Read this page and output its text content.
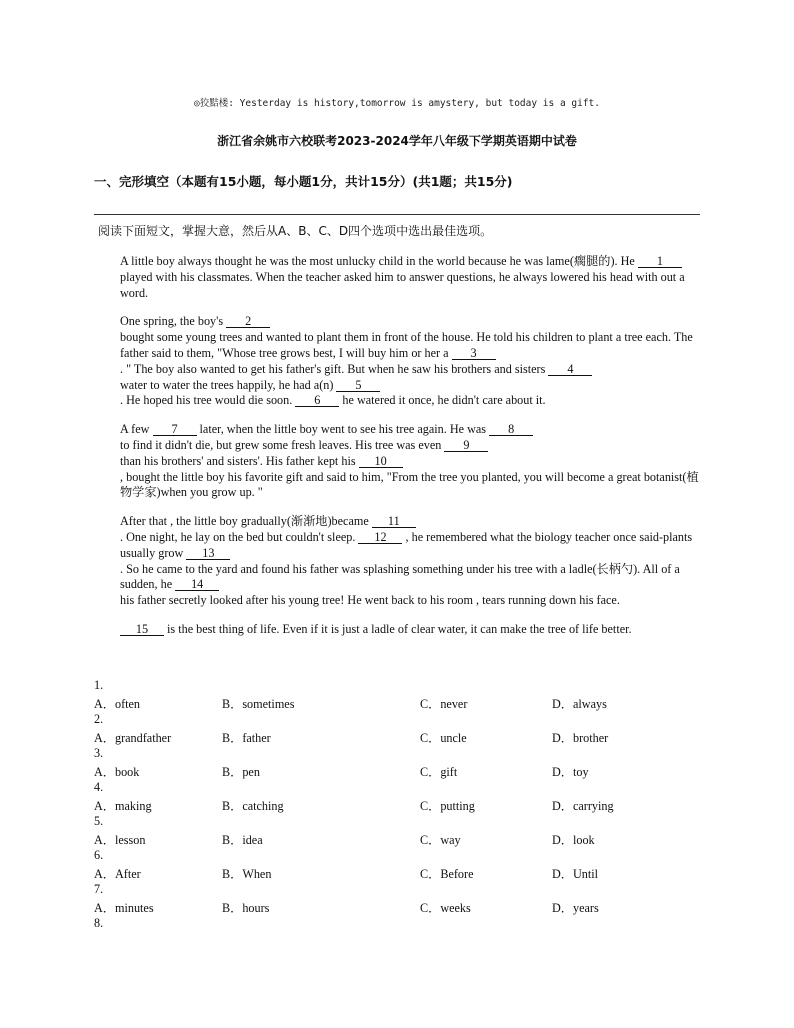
◎狡黠楼: Yesterday is history,tomorrow is amystery, but today is a gift.
浙江省余姚市六校联考2023-2024学年八年级下学期英语期中试卷
一、完形填空（本题有15小题，每小题1分，共计15分）(共1题；共15分)
阅读下面短文，掌握大意，然后从A、B、C、D四个选项中选出最佳选项。

A little boy always thought he was the most unlucky child in the world because he was lame(瘸腿的). He 1
played with his classmates. When the teacher asked him to answer questions, he always lowered his head with out a word.

One spring, the boy's 2
bought some young trees and wanted to plant them in front of the house. He told his children to plant a tree each. The father said to them, "Whose tree grows best, I will buy him or her a 3
. " The boy also wanted to get his father's gift. But when he saw his brothers and sisters 4
water to water the trees happily, he had a(n) 5
. He hoped his tree would die soon. 6 he watered it once, he didn't care about it.

A few 7 later, when the little boy went to see his tree again. He was 8
to find it didn't die, but grew some fresh leaves. His tree was even 9
than his brothers' and sisters'. His father kept his 10
, bought the little boy his favorite gift and said to him, "From the tree you planted, you will become a great botanist(植物学家)when you grow up. "

After that , the little boy gradually(渐渐地)became 11
. One night, he lay on the bed but couldn't sleep. 12 , he remembered what the biology teacher once said-plants usually grow 13
. So he came to the yard and found his father was splashing something under his tree with a ladle(长柄勺). All of a sudden, he 14
his father secretly looked after his young tree! He went back to his room , tears running down his face.

15 is the best thing of life. Even if it is just a ladle of clear water, it can make the tree of life better.

1.
A．often	B．sometimes	C．never	D．always
2.
A．grandfather	B．father	C．uncle	D．brother
3.
A．book	B．pen	C．gift	D．toy
4.
A．making	B．catching	C．putting	D．carrying
5.
A．lesson	B．idea	C．way	D．look
6.
A．After	B．When	C．Before	D．Until
7.
A．minutes	B．hours	C．weeks	D．years
8.
